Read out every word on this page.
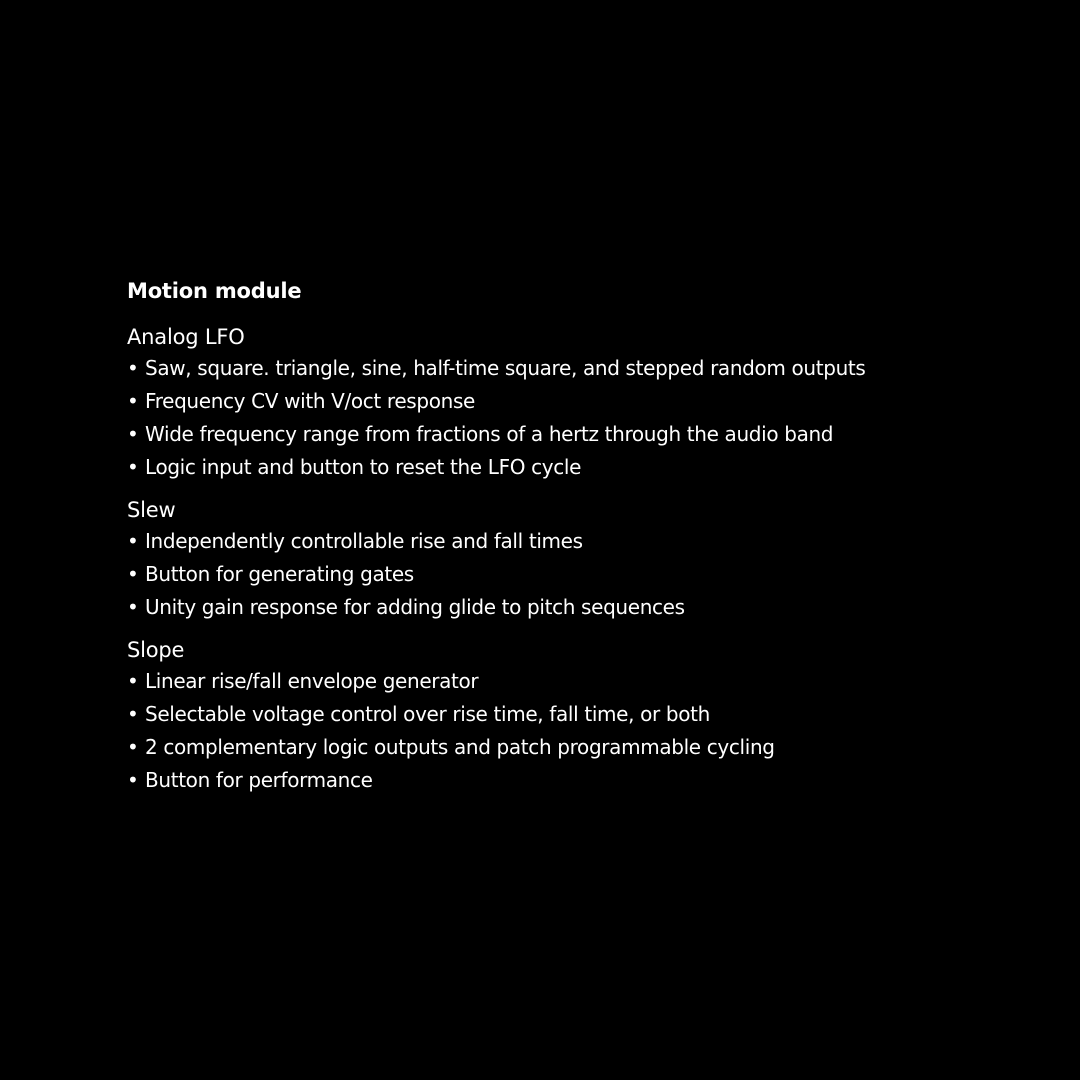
Motion module
Analog LFO
• Saw, square. triangle, sine, half-time square, and stepped random outputs
• Frequency CV with V/oct response
• Wide frequency range from fractions of a hertz through the audio band
• Logic input and button to reset the LFO cycle
Slew
• Independently controllable rise and fall times
• Button for generating gates
• Unity gain response for adding glide to pitch sequences
Slope
• Linear rise/fall envelope generator
• Selectable voltage control over rise time, fall time, or both
• 2 complementary logic outputs and patch programmable cycling
• Button for performance
